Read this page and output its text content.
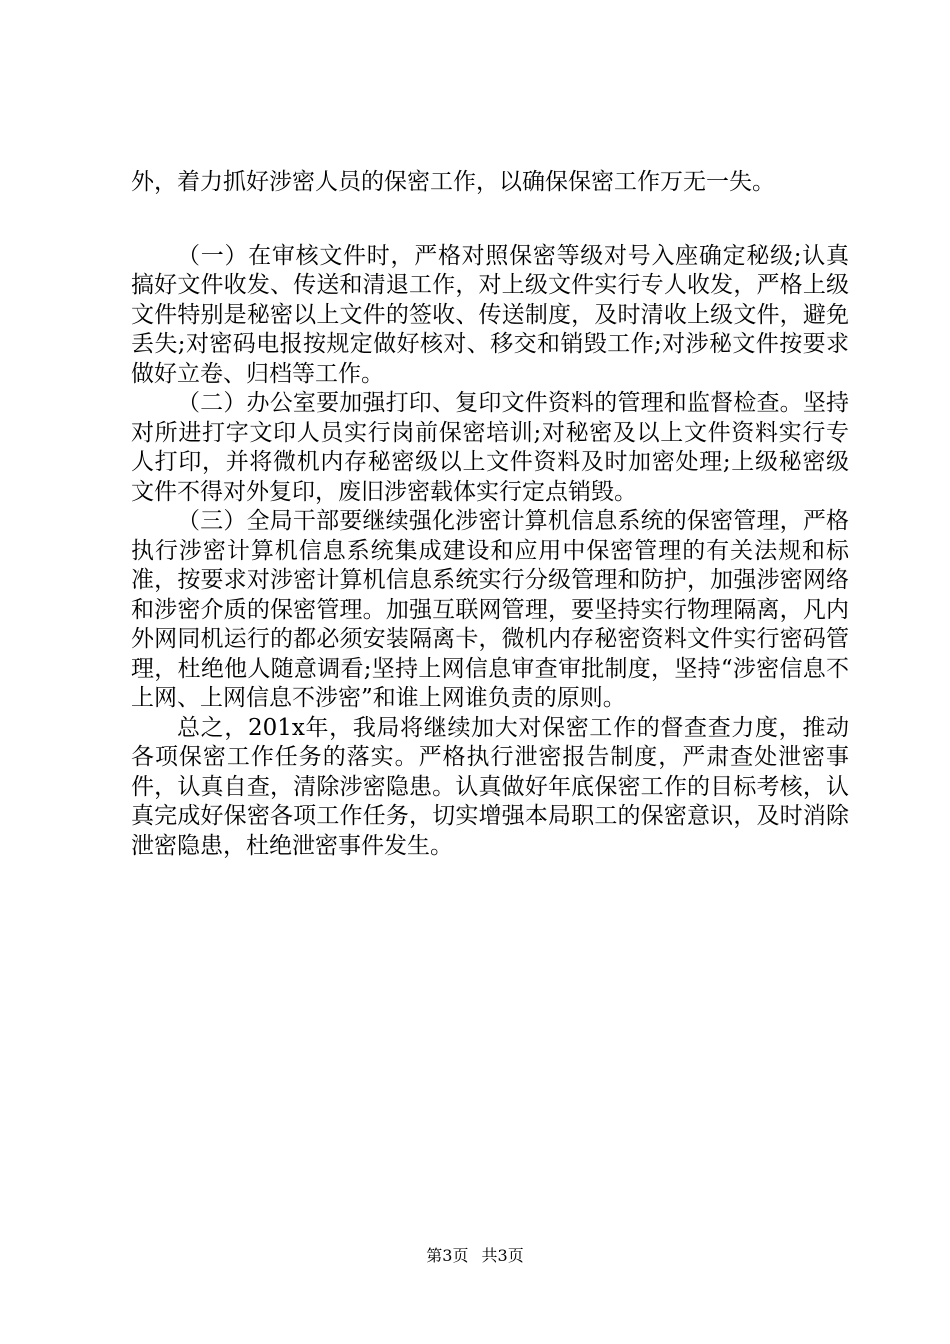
外，着力抓好涉密人员的保密工作，以确保保密工作万无一失。

（一）在审核文件时，严格对照保密等级对号入座确定秘级;认真搞好文件收发、传送和清退工作，对上级文件实行专人收发，严格上级文件特别是秘密以上文件的签收、传送制度，及时清收上级文件，避免丢失;对密码电报按规定做好核对、移交和销毁工作;对涉秘文件按要求做好立卷、归档等工作。

（二）办公室要加强打印、复印文件资料的管理和监督检查。坚持对所进打字文印人员实行岗前保密培训;对秘密及以上文件资料实行专人打印，并将微机内存秘密级以上文件资料及时加密处理;上级秘密级文件不得对外复印，废旧涉密载体实行定点销毁。

（三）全局干部要继续强化涉密计算机信息系统的保密管理，严格执行涉密计算机信息系统集成建设和应用中保密管理的有关法规和标准，按要求对涉密计算机信息系统实行分级管理和防护，加强涉密网络和涉密介质的保密管理。加强互联网管理，要坚持实行物理隔离，凡内外网同机运行的都必须安装隔离卡，微机内存秘密资料文件实行密码管理，杜绝他人随意调看;坚持上网信息审查审批制度，坚持“涉密信息不上网、上网信息不涉密”和谁上网谁负责的原则。

总之，201x年，我局将继续加大对保密工作的督查查力度，推动各项保密工作任务的落实。严格执行泄密报告制度，严肃查处泄密事件，认真自查，清除涉密隐患。认真做好年底保密工作的目标考核，认真完成好保密各项工作任务，切实增强本局职工的保密意识，及时消除泄密隐患，杜绝泄密事件发生。

第3页 共3页
